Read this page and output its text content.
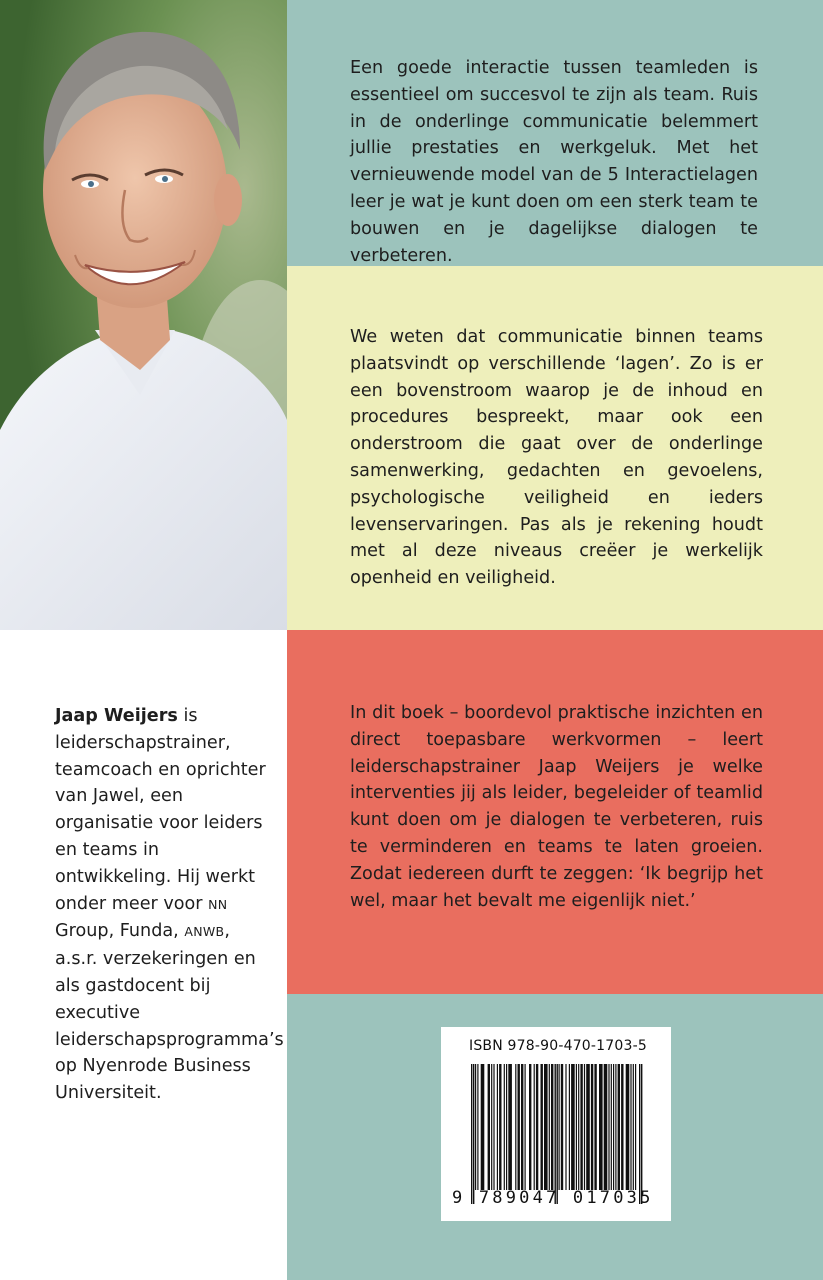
Een goede interactie tussen teamleden is essentieel om succesvol te zijn als team. Ruis in de onderlinge communicatie belemmert jullie prestaties en werkgeluk. Met het vernieuwende model van de 5 Interactielagen leer je wat je kunt doen om een sterk team te bouwen en je dagelijkse dialogen te verbeteren.

We weten dat communicatie binnen teams plaatsvindt op verschillende ‘lagen’. Zo is er een bovenstroom waarop je de inhoud en procedures bespreekt, maar ook een onderstroom die gaat over de onderlinge samenwerking, gedachten en gevoelens, psychologische veiligheid en ieders levenservaringen. Pas als je rekening houdt met al deze niveaus creëer je werkelijk openheid en veiligheid.

In dit boek – boordevol praktische inzichten en direct toepasbare werkvormen – leert leiderschapstrainer Jaap Weijers je welke interventies jij als leider, begeleider of teamlid kunt doen om je dialogen te verbeteren, ruis te verminderen en teams te laten groeien. Zodat iedereen durft te zeggen: ‘Ik begrijp het wel, maar het bevalt me eigenlijk niet.’

Jaap Weijers is leiderschapstrainer, teamcoach en oprichter van Jawel, een organisatie voor leiders en teams in ontwikkeling. Hij werkt onder meer voor NN Group, Funda, ANWB, a.s.r. verzekeringen en als gastdocent bij executive leiderschapsprogramma’s op Nyenrode Business Universiteit.

ISBN 978-90-470-1703-5
9 789047 017035
